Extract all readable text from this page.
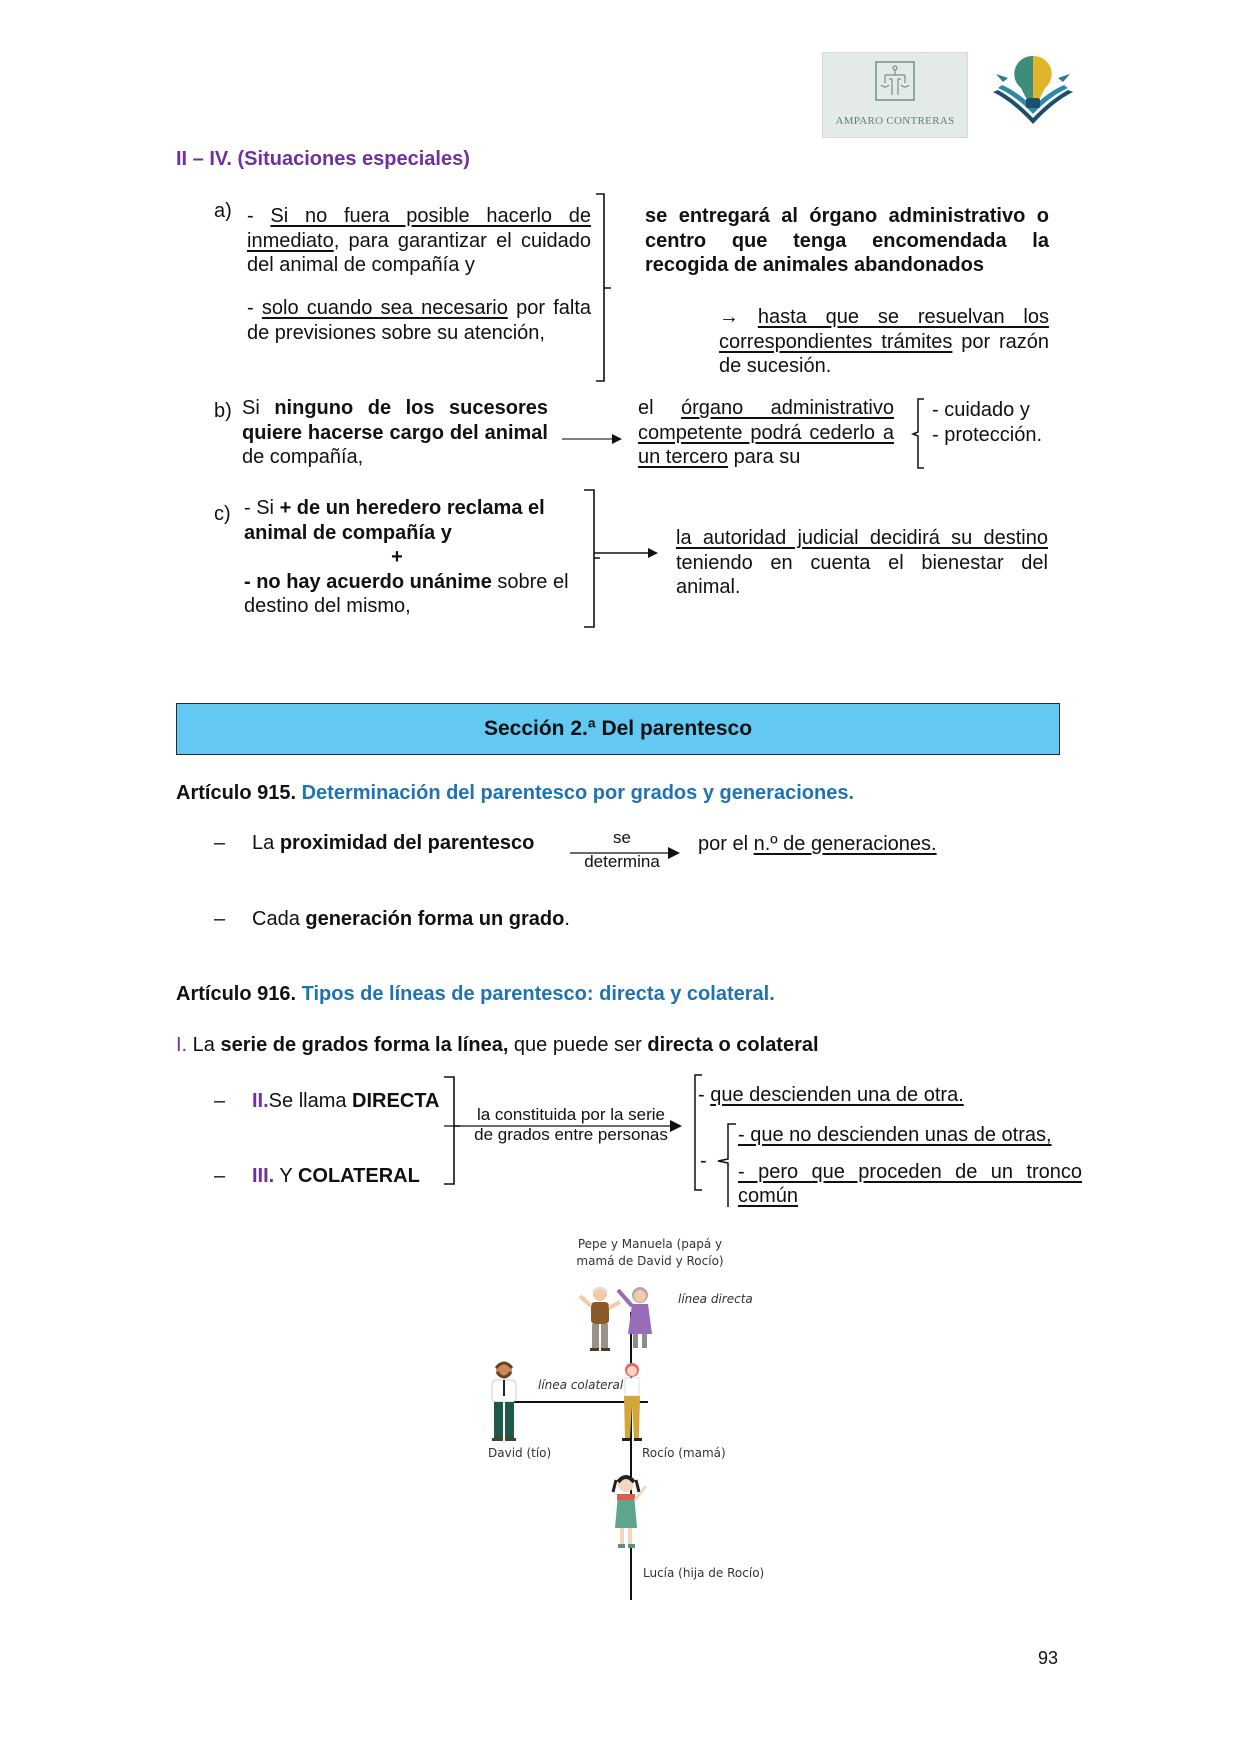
AMPARO CONTRERAS
II – IV. (Situaciones especiales)
a) - Si no fuera posible hacerlo de inmediato, para garantizar el cuidado del animal de compañía y
- solo cuando sea necesario por falta de previsiones sobre su atención,
se entregará al órgano administrativo o centro que tenga encomendada la recogida de animales abandonados
→ hasta que se resuelvan los correspondientes trámites por razón de sucesión.
b) Si ninguno de los sucesores quiere hacerse cargo del animal de compañía,
el órgano administrativo competente podrá cederlo a un tercero para su
- cuidado y
- protección.
c) - Si + de un heredero reclama el animal de compañía y
+
- no hay acuerdo unánime sobre el destino del mismo,
la autoridad judicial decidirá su destino teniendo en cuenta el bienestar del animal.
Sección 2.ª Del parentesco
Artículo 915. Determinación del parentesco por grados y generaciones.
– La proximidad del parentesco	se
determina
por el n.º de generaciones.
– Cada generación forma un grado.
Artículo 916. Tipos de líneas de parentesco: directa y colateral.
I. La serie de grados forma la línea, que puede ser directa o colateral
– II.Se llama DIRECTA
– III. Y COLATERAL
la constituida por la serie
de grados entre personas
- que descienden una de otra.
-
- que no descienden unas de otras,
- pero que proceden de un tronco común
Pepe y Manuela (papá y
mamá de David y Rocío)
línea directa
línea colateral
David (tío)	Rocío (mamá)
Lucía (hija de Rocío)
93
